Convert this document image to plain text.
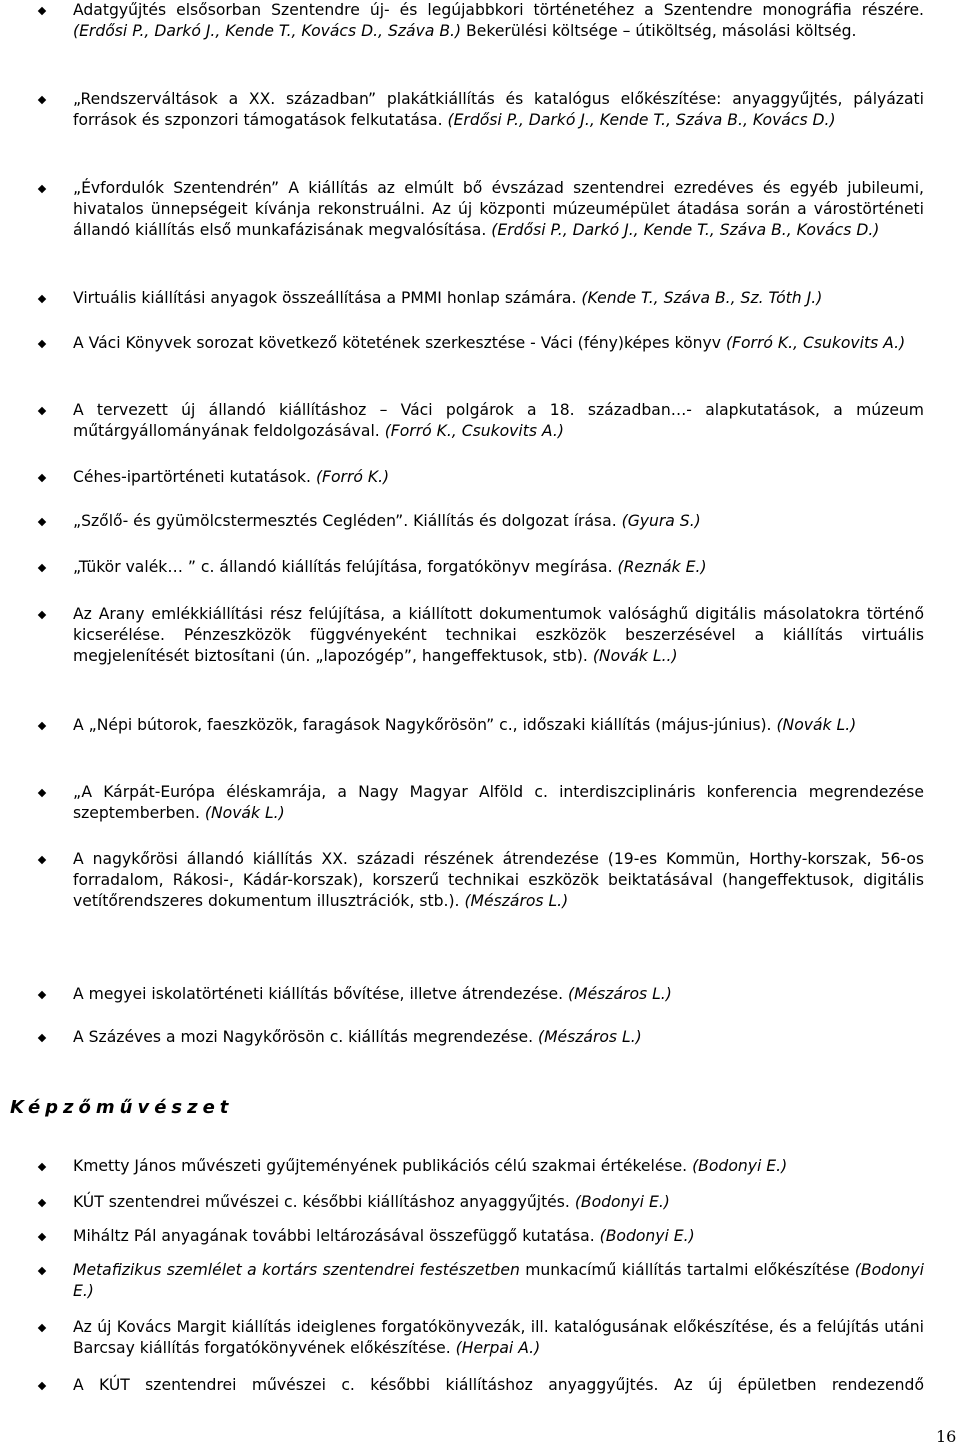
Adatgyűjtés elsősorban Szentendre új- és legújabbkori történetéhez a Szentendre monográfia részére. (Erdősi P., Darkó J., Kende T., Kovács D., Száva B.) Bekerülési költsége – útiköltség, másolási költség.
„Rendszerváltások a XX. században” plakátkiállítás és katalógus előkészítése: anyaggyűjtés, pályázati források és szponzori támogatások felkutatása. (Erdősi P., Darkó J., Kende T., Száva B., Kovács D.)
„Évfordulók Szentendrén” A kiállítás az elmúlt bő évszázad szentendrei ezredéves és egyéb jubileumi, hivatalos ünnepségeit kívánja rekonstruálni. Az új központi múzeumépület átadása során a várostörténeti állandó kiállítás első munkafázisának megvalósítása. (Erdősi P., Darkó J., Kende T., Száva B., Kovács D.)
Virtuális kiállítási anyagok összeállítása a PMMI honlap számára. (Kende T., Száva B., Sz. Tóth J.)
A Váci Könyvek sorozat következő kötetének szerkesztése - Váci (fény)képes könyv (Forró K., Csukovits A.)
A tervezett új állandó kiállításhoz – Váci polgárok a 18. században…- alapkutatások, a múzeum műtárgyállományának feldolgozásával. (Forró K., Csukovits A.)
Céhes-ipartörténeti kutatások. (Forró K.)
„Szőlő- és gyümölcstermesztés Cegléden”. Kiállítás és dolgozat írása. (Gyura S.)
„Tükör valék… ” c. állandó kiállítás felújítása, forgatókönyv megírása. (Reznák E.)
Az Arany emlékkiállítási rész felújítása, a kiállított dokumentumok valósághű digitális másolatokra történő kicserélése. Pénzeszközök függvényeként technikai eszközök beszerzésével a kiállítás virtuális megjelenítését biztosítani (ún. „lapozógép”, hangeffektusok, stb). (Novák L..)
A „Népi bútorok, faeszközök, faragások Nagykőrösön” c., időszaki kiállítás (május-június). (Novák L.)
„A Kárpát-Európa éléskamrája, a Nagy Magyar Alföld c. interdiszciplináris konferencia megrendezése szeptemberben. (Novák L.)
A nagykőrösi állandó kiállítás XX. századi részének átrendezése (19-es Kommün, Horthy-korszak, 56-os forradalom, Rákosi-, Kádár-korszak), korszerű technikai eszközök beiktatásával (hangeffektusok, digitális vetítőrendszeres dokumentum illusztrációk, stb.). (Mészáros L.)
A megyei iskolatörténeti kiállítás bővítése, illetve átrendezése. (Mészáros L.)
A Százéves a mozi Nagykőrösön c. kiállítás megrendezése. (Mészáros L.)
Képzőművészet
Kmetty János művészeti gyűjteményének publikációs célú szakmai értékelése. (Bodonyi E.)
KÚT szentendrei művészei c. későbbi kiállításhoz anyaggyűjtés. (Bodonyi E.)
Miháltz Pál anyagának további leltározásával összefüggő kutatása. (Bodonyi E.)
Metafizikus szemlélet a kortárs szentendrei festészetben munkacímű kiállítás tartalmi előkészítése (Bodonyi E.)
Az új Kovács Margit kiállítás ideiglenes forgatókönyvezák, ill. katalógusának előkészítése, és a felújítás utáni Barcsay kiállítás forgatókönyvének előkészítése. (Herpai A.)
A KÚT szentendrei művészei c. későbbi kiállításhoz anyaggyűjtés. Az új épületben rendezendő
16
